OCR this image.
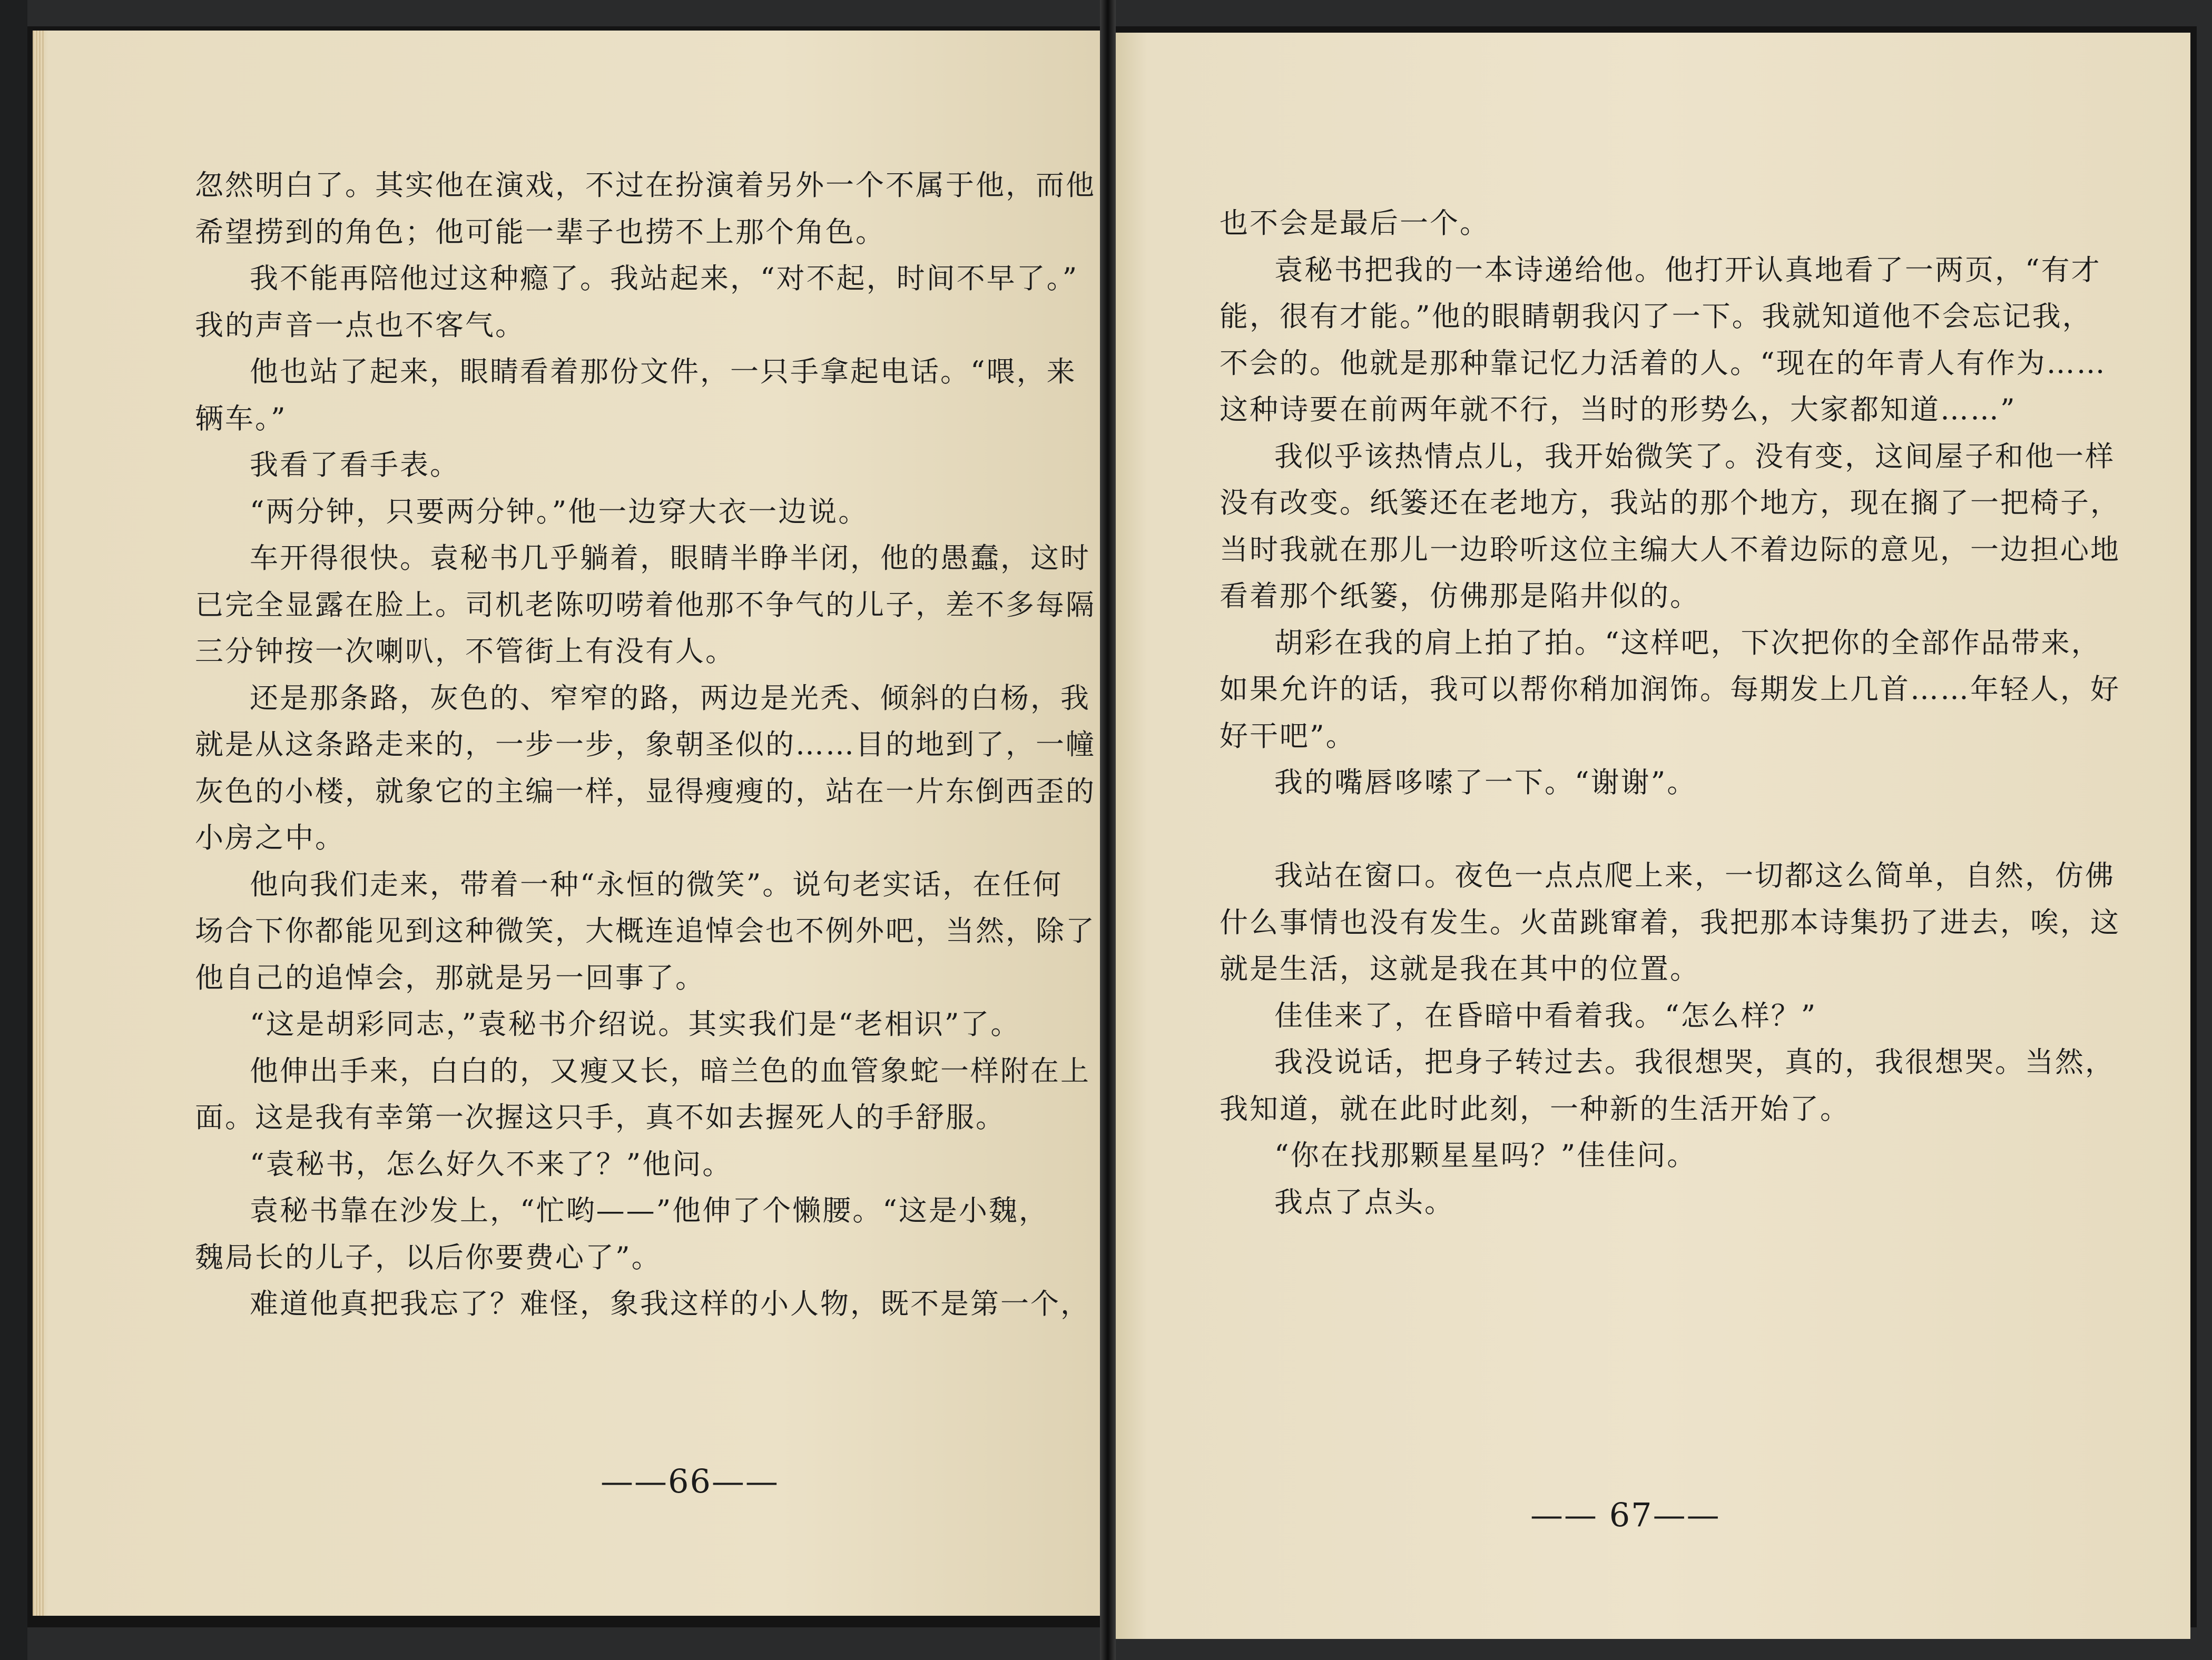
忽然明白了。其实他在演戏，不过在扮演着另外一个不属于他，而他
希望捞到的角色；他可能一辈子也捞不上那个角色。
我不能再陪他过这种瘾了。我站起来，“对不起，时间不早了。”
我的声音一点也不客气。
他也站了起来，眼睛看着那份文件，一只手拿起电话。“喂，来
辆车。”
我看了看手表。
“两分钟，只要两分钟。”他一边穿大衣一边说。
车开得很快。袁秘书几乎躺着，眼睛半睁半闭，他的愚蠢，这时
已完全显露在脸上。司机老陈叨唠着他那不争气的儿子，差不多每隔
三分钟按一次喇叭，不管街上有没有人。
还是那条路，灰色的、窄窄的路，两边是光秃、倾斜的白杨，我
就是从这条路走来的，一步一步，象朝圣似的……目的地到了，一幢
灰色的小楼，就象它的主编一样，显得瘦瘦的，站在一片东倒西歪的
小房之中。
他向我们走来，带着一种“永恒的微笑”。说句老实话，在任何
场合下你都能见到这种微笑，大概连追悼会也不例外吧，当然，除了
他自己的追悼会，那就是另一回事了。
“这是胡彩同志，”袁秘书介绍说。其实我们是“老相识”了。
他伸出手来，白白的，又瘦又长，暗兰色的血管象蛇一样附在上
面。这是我有幸第一次握这只手，真不如去握死人的手舒服。
“袁秘书，怎么好久不来了？”他问。
袁秘书靠在沙发上，“忙哟——”他伸了个懒腰。“这是小魏，
魏局长的儿子，以后你要费心了”。
难道他真把我忘了？难怪，象我这样的小人物，既不是第一个，
——66——
也不会是最后一个。
袁秘书把我的一本诗递给他。他打开认真地看了一两页，“有才
能，很有才能。”他的眼睛朝我闪了一下。我就知道他不会忘记我，
不会的。他就是那种靠记忆力活着的人。“现在的年青人有作为……
这种诗要在前两年就不行，当时的形势么，大家都知道……”
我似乎该热情点儿，我开始微笑了。没有变，这间屋子和他一样
没有改变。纸篓还在老地方，我站的那个地方，现在搁了一把椅子，
当时我就在那儿一边聆听这位主编大人不着边际的意见，一边担心地
看着那个纸篓，仿佛那是陷井似的。
胡彩在我的肩上拍了拍。“这样吧，下次把你的全部作品带来，
如果允许的话，我可以帮你稍加润饰。每期发上几首……年轻人，好
好干吧”。
我的嘴唇哆嗦了一下。“谢谢”。
我站在窗口。夜色一点点爬上来，一切都这么简单，自然，仿佛
什么事情也没有发生。火苗跳窜着，我把那本诗集扔了进去，唉，这
就是生活，这就是我在其中的位置。
佳佳来了，在昏暗中看着我。“怎么样？”
我没说话，把身子转过去。我很想哭，真的，我很想哭。当然，
我知道，就在此时此刻，一种新的生活开始了。
“你在找那颗星星吗？”佳佳问。
我点了点头。
—— 67——
